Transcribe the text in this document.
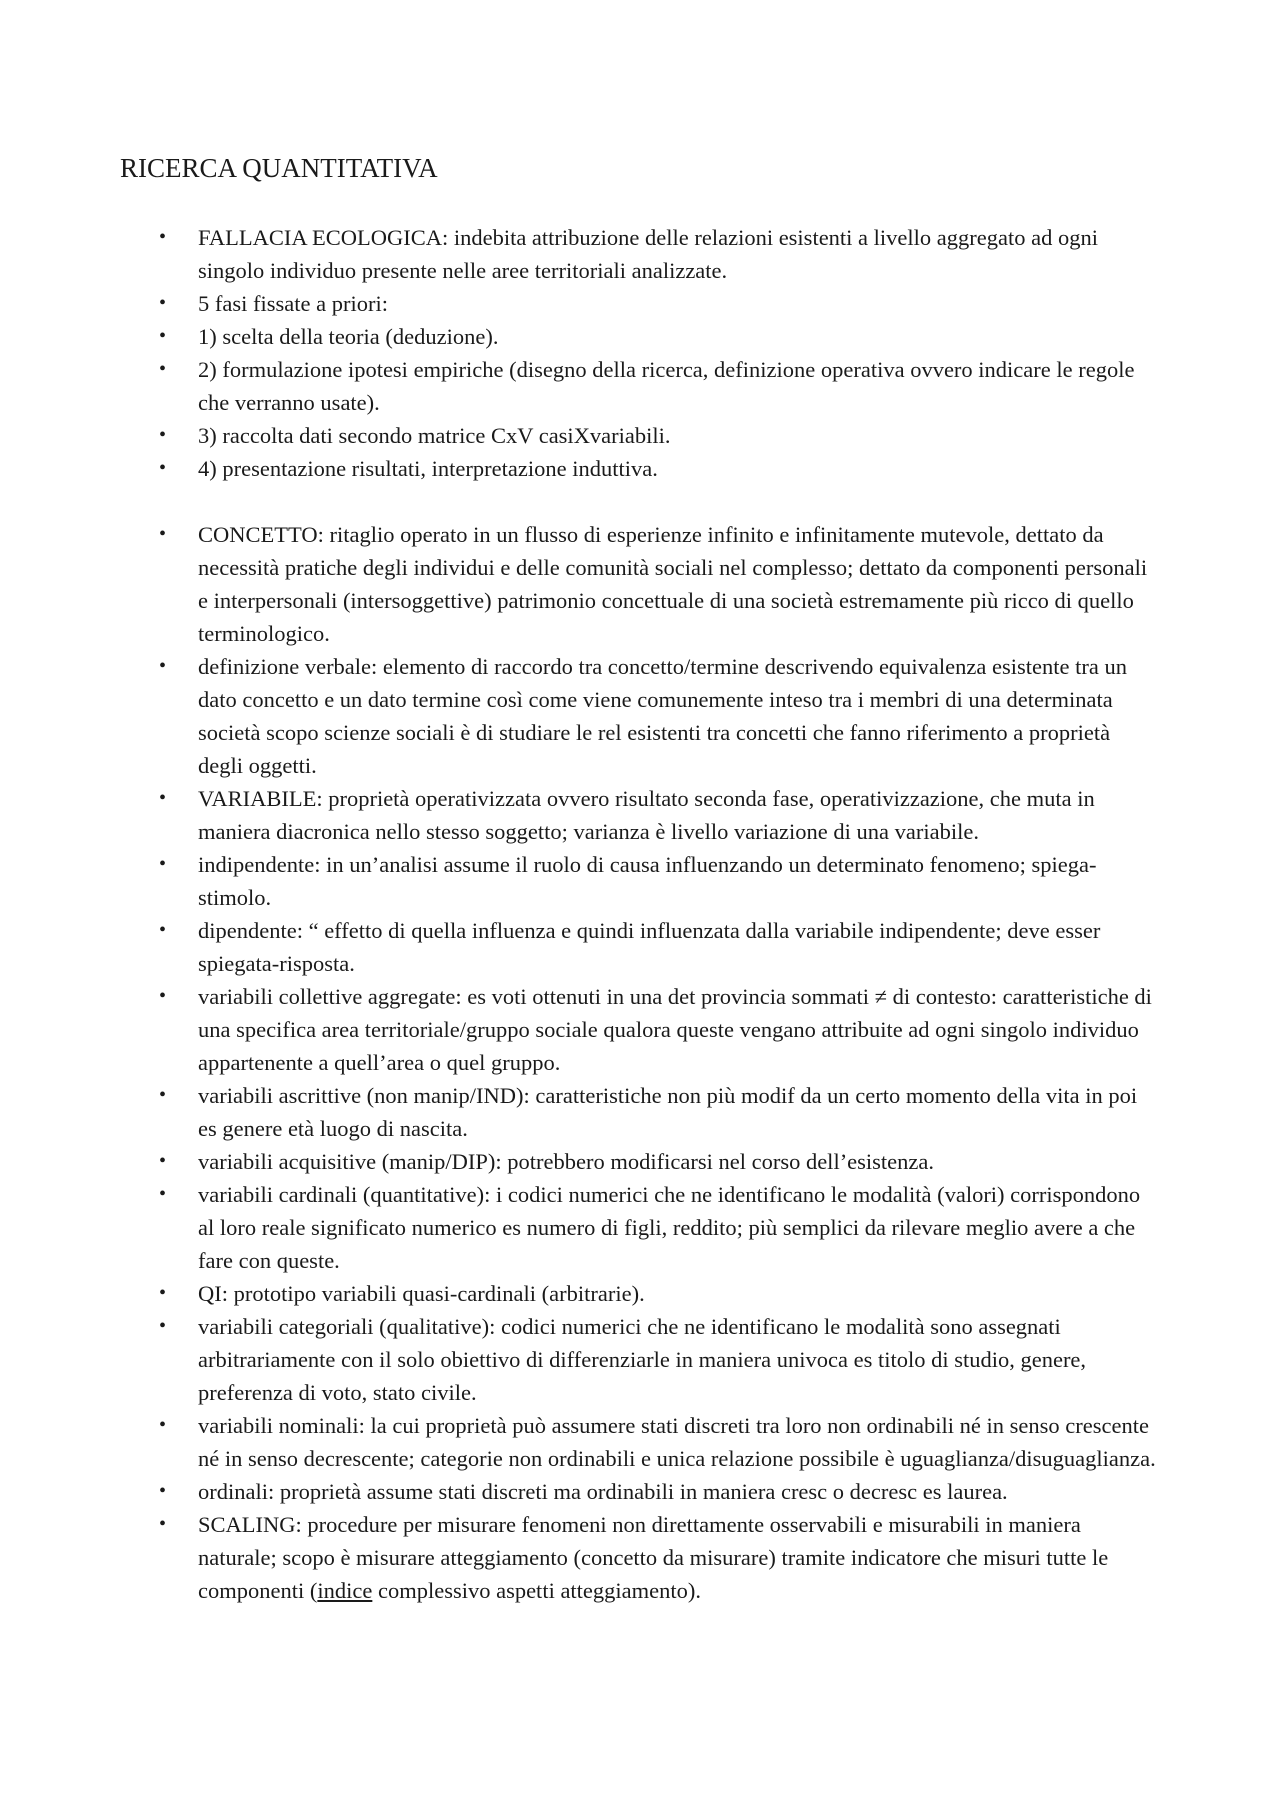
RICERCA QUANTITATIVA
• FALLACIA ECOLOGICA: indebita attribuzione delle relazioni esistenti a livello aggregato ad ogni singolo individuo presente nelle aree territoriali analizzate.
• 5 fasi fissate a priori:
• 1) scelta della teoria (deduzione).
• 2) formulazione ipotesi empiriche (disegno della ricerca, definizione operativa ovvero indicare le regole che verranno usate).
• 3) raccolta dati secondo matrice CxV casiXvariabili.
• 4) presentazione risultati, interpretazione induttiva.
• CONCETTO: ritaglio operato in un flusso di esperienze infinito e infinitamente mutevole, dettato da necessità pratiche degli individui e delle comunità sociali nel complesso; dettato da componenti personali e interpersonali (intersoggettive) patrimonio concettuale di una società estremamente più ricco di quello terminologico.
• definizione verbale: elemento di raccordo tra concetto/termine descrivendo equivalenza esistente tra un dato concetto e un dato termine così come viene comunemente inteso tra i membri di una determinata società scopo scienze sociali è di studiare le rel esistenti tra concetti che fanno riferimento a proprietà degli oggetti.
• VARIABILE: proprietà operativizzata ovvero risultato seconda fase, operativizzazione, che muta in maniera diacronica nello stesso soggetto; varianza è livello variazione di una variabile.
• indipendente: in un’analisi assume il ruolo di causa influenzando un determinato fenomeno; spiega-stimolo.
• dipendente: “ effetto di quella influenza e quindi influenzata dalla variabile indipendente; deve esser spiegata-risposta.
• variabili collettive aggregate: es voti ottenuti in una det provincia sommati ≠ di contesto: caratteristiche di una specifica area territoriale/gruppo sociale qualora queste vengano attribuite ad ogni singolo individuo appartenente a quell’area o quel gruppo.
• variabili ascrittive (non manip/IND): caratteristiche non più modif da un certo momento della vita in poi es genere età luogo di nascita.
• variabili acquisitive (manip/DIP): potrebbero modificarsi nel corso dell’esistenza.
• variabili cardinali (quantitative): i codici numerici che ne identificano le modalità (valori) corrispondono al loro reale significato numerico es numero di figli, reddito; più semplici da rilevare meglio avere a che fare con queste.
• QI: prototipo variabili quasi-cardinali (arbitrarie).
• variabili categoriali (qualitative): codici numerici che ne identificano le modalità sono assegnati arbitrariamente con il solo obiettivo di differenziarle in maniera univoca es titolo di studio, genere, preferenza di voto, stato civile.
• variabili nominali: la cui proprietà può assumere stati discreti tra loro non ordinabili né in senso crescente né in senso decrescente; categorie non ordinabili e unica relazione possibile è uguaglianza/disuguaglianza.
• ordinali: proprietà assume stati discreti ma ordinabili in maniera cresc o decresc es laurea.
• SCALING: procedure per misurare fenomeni non direttamente osservabili e misurabili in maniera naturale; scopo è misurare atteggiamento (concetto da misurare) tramite indicatore che misuri tutte le componenti (indice complessivo aspetti atteggiamento).
